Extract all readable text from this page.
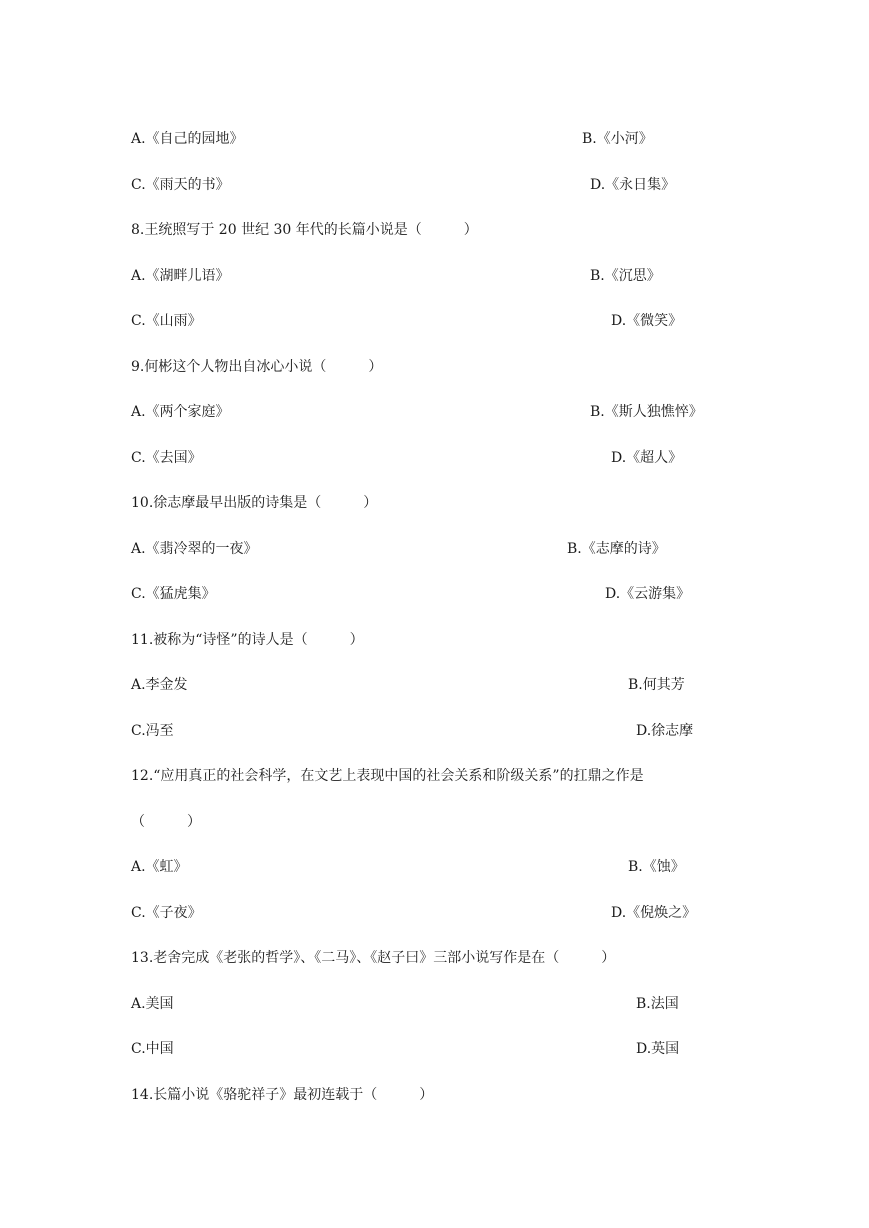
A.《自己的园地》	B.《小河》
C.《雨天的书》	D.《永日集》
8.王统照写于 20 世纪 30 年代的长篇小说是（　　　）
A.《湖畔儿语》	B.《沉思》
C.《山雨》	D.《微笑》
9.何彬这个人物出自冰心小说（　　　）
A.《两个家庭》	B.《斯人独憔悴》
C.《去国》	D.《超人》
10.徐志摩最早出版的诗集是（　　　）
A.《翡冷翠的一夜》	B.《志摩的诗》
C.《猛虎集》	D.《云游集》
11.被称为“诗怪”的诗人是（　　　）
A.李金发	B.何其芳
C.冯至	D.徐志摩
12.“应用真正的社会科学，在文艺上表现中国的社会关系和阶级关系”的扛鼎之作是
（　　　）
A.《虹》	B.《蚀》
C.《子夜》	D.《倪焕之》
13.老舍完成《老张的哲学》、《二马》、《赵子曰》三部小说写作是在（　　　）
A.美国	B.法国
C.中国	D.英国
14.长篇小说《骆驼祥子》最初连载于（　　　）
